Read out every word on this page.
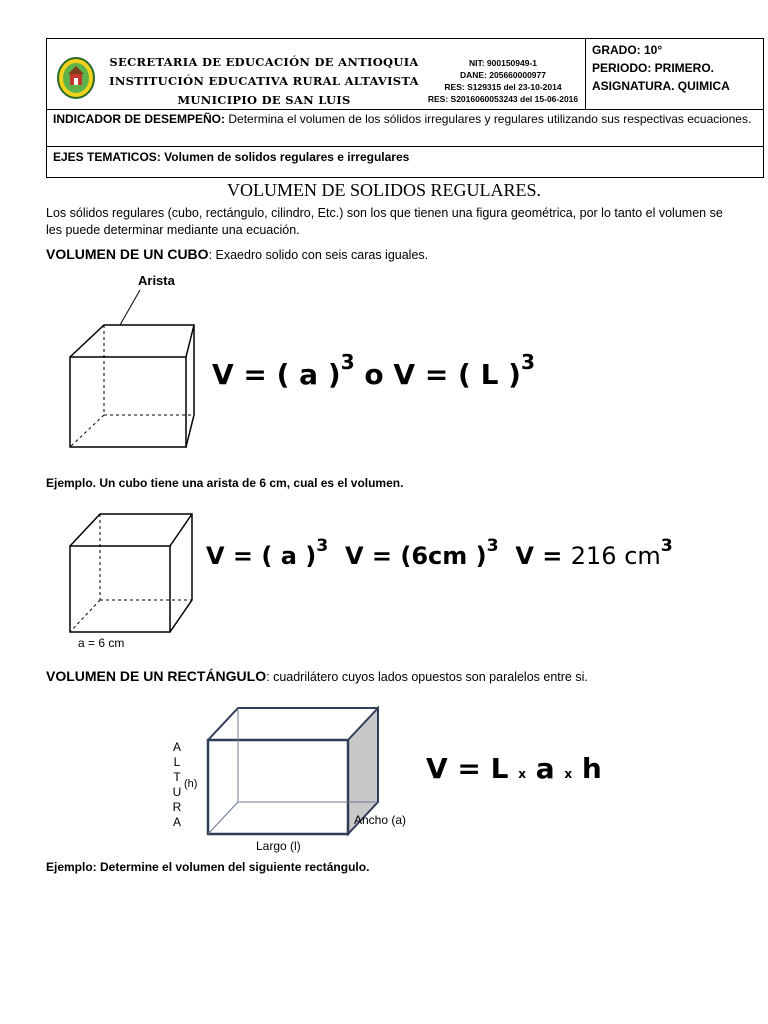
SECRETARIA DE EDUCACIÓN DE ANTIOQUIA
INSTITUCIÓN EDUCATIVA RURAL ALTAVISTA
MUNICIPIO DE SAN LUIS
NIT: 900150949-1
DANE: 205660000977
RES: S129315 del 23-10-2014
RES: S2016060053243 del 15-06-2016
GRADO: 10°
PERIODO: PRIMERO.
ASIGNATURA. QUIMICA
INDICADOR DE DESEMPEÑO: Determina el volumen de los sólidos irregulares y regulares utilizando sus respectivas ecuaciones.
EJES TEMATICOS: Volumen de solidos regulares e irregulares
VOLUMEN DE SOLIDOS REGULARES.
Los sólidos regulares (cubo, rectángulo, cilindro, Etc.) son los que tienen una figura geométrica, por lo tanto el volumen se les puede determinar mediante una ecuación.
VOLUMEN DE UN CUBO: Exaedro solido con seis caras iguales.
Arista
V = ( a )$^3$ o V = ( L )$^3$
Ejemplo. Un cubo tiene una arista de 6 cm, cual es el volumen.
a = 6 cm
V = ( a )$^3$ V = (6cm )$^3$ V = 216 $cm^3$
VOLUMEN DE UN RECTÁNGULO: cuadrilátero cuyos lados opuestos son paralelos entre si.
A
L
T
U
R
A
(h)
Ancho (a)
Largo (l)
V = L x a x h
Ejemplo: Determine el volumen del siguiente rectángulo.
